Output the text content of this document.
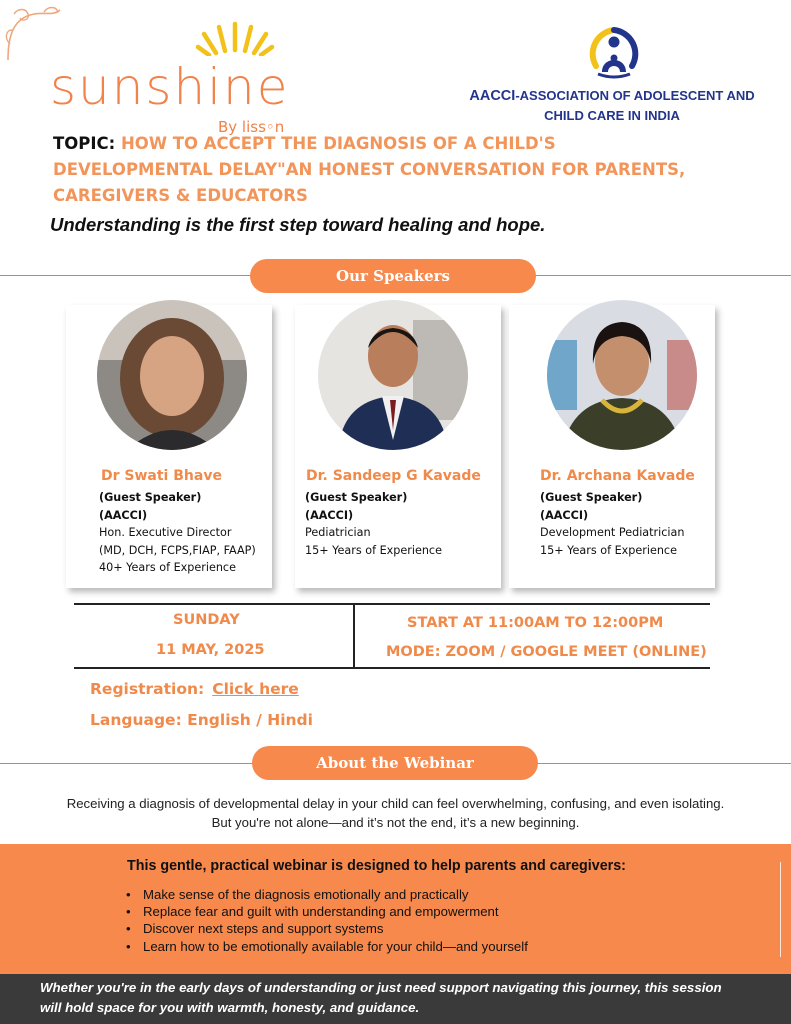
sunshine
By liss◦n
AACCI-ASSOCIATION OF ADOLESCENT AND
CHILD CARE IN INDIA
TOPIC: HOW TO ACCEPT THE DIAGNOSIS OF A CHILD'S
DEVELOPMENTAL DELAY"AN HONEST CONVERSATION FOR PARENTS,
CAREGIVERS & EDUCATORS
Understanding is the first step toward healing and hope.
Our Speakers
Dr Swati Bhave
(Guest Speaker)
(AACCI)
Hon. Executive Director
(MD, DCH, FCPS,FIAP, FAAP)
40+ Years of Experience
Dr. Sandeep G Kavade
(Guest Speaker)
(AACCI)
Pediatrician
15+ Years of Experience
Dr. Archana Kavade
(Guest Speaker)
(AACCI)
Development Pediatrician
15+ Years of Experience
SUNDAY
11 MAY, 2025
START AT 11:00AM TO 12:00PM
MODE: ZOOM / GOOGLE MEET (ONLINE)
Registration: Click here
Language: English / Hindi
About the Webinar
Receiving a diagnosis of developmental delay in your child can feel overwhelming, confusing, and even isolating.
But you're not alone—and it’s not the end, it’s a new beginning.
This gentle, practical webinar is designed to help parents and caregivers:
• Make sense of the diagnosis emotionally and practically
• Replace fear and guilt with understanding and empowerment
• Discover next steps and support systems
• Learn how to be emotionally available for your child—and yourself
Whether you're in the early days of understanding or just need support navigating this journey, this session
will hold space for you with warmth, honesty, and guidance.
